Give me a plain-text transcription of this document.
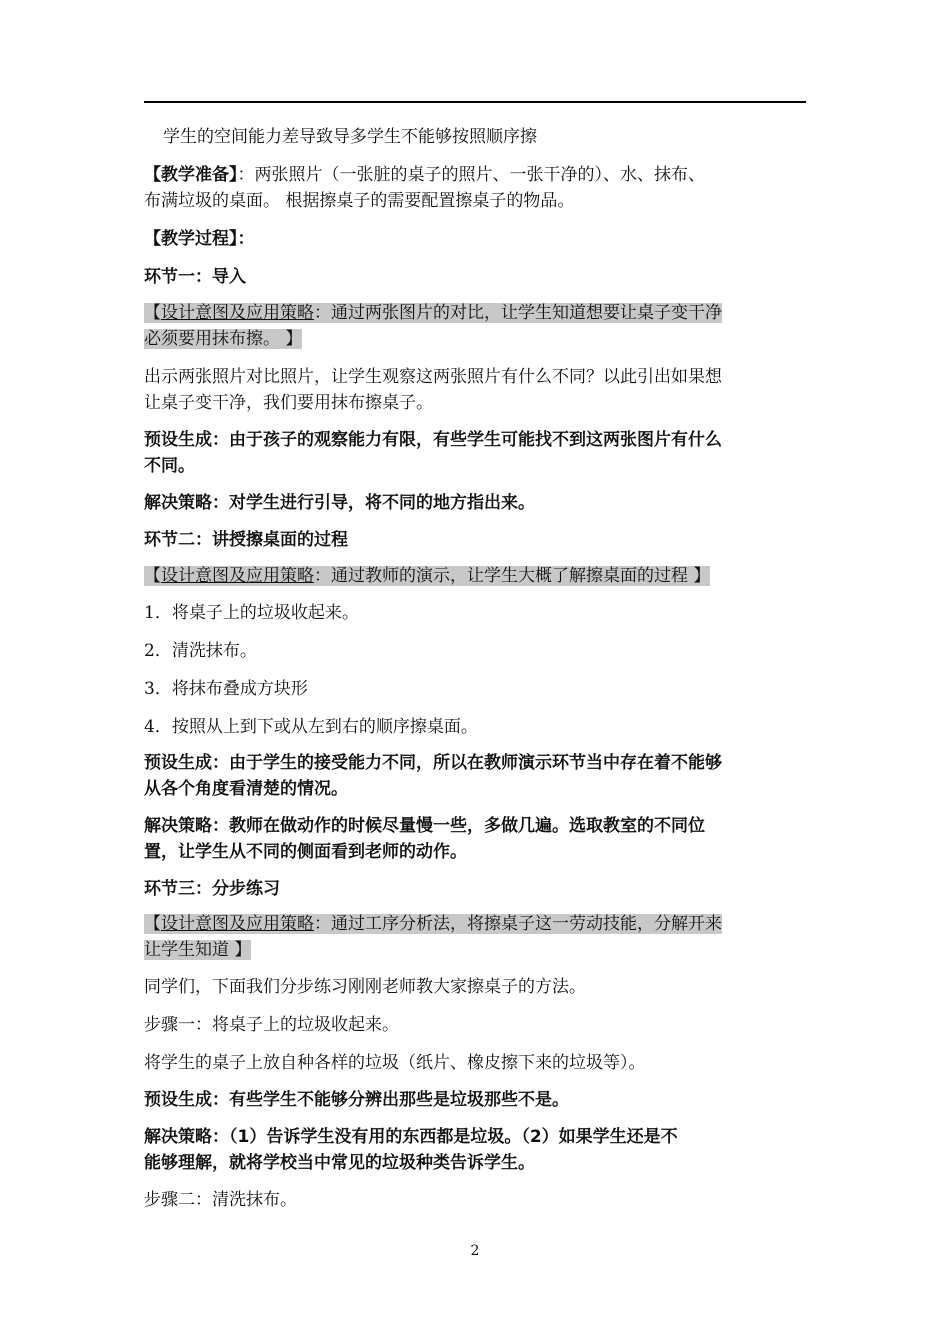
学生的空间能力差导致导多学生不能够按照顺序擦
【教学准备】：两张照片（一张脏的桌子的照片、一张干净的）、水、抹布、
布满垃圾的桌面。 根据擦桌子的需要配置擦桌子的物品。
【教学过程】：
环节一：导入
【设计意图及应用策略：通过两张图片的对比，让学生知道想要让桌子变干净
必须要用抹布擦。 】
出示两张照片对比照片，让学生观察这两张照片有什么不同？以此引出如果想
让桌子变干净，我们要用抹布擦桌子。
预设生成：由于孩子的观察能力有限，有些学生可能找不到这两张图片有什么
不同。
解决策略：对学生进行引导，将不同的地方指出来。
环节二：讲授擦桌面的过程
【设计意图及应用策略：通过教师的演示，让学生大概了解擦桌面的过程 】
1．将桌子上的垃圾收起来。
2．清洗抹布。
3．将抹布叠成方块形
4．按照从上到下或从左到右的顺序擦桌面。
预设生成：由于学生的接受能力不同，所以在教师演示环节当中存在着不能够
从各个角度看清楚的情况。
解决策略：教师在做动作的时候尽量慢一些，多做几遍。选取教室的不同位
置，让学生从不同的侧面看到老师的动作。
环节三：分步练习
【设计意图及应用策略：通过工序分析法，将擦桌子这一劳动技能，分解开来
让学生知道 】
同学们，下面我们分步练习刚刚老师教大家擦桌子的方法。
步骤一：将桌子上的垃圾收起来。
将学生的桌子上放自种各样的垃圾（纸片、橡皮擦下来的垃圾等）。
预设生成：有些学生不能够分辨出那些是垃圾那些不是。
解决策略：（1）告诉学生没有用的东西都是垃圾。（2）如果学生还是不
能够理解，就将学校当中常见的垃圾种类告诉学生。
步骤二：清洗抹布。
2
